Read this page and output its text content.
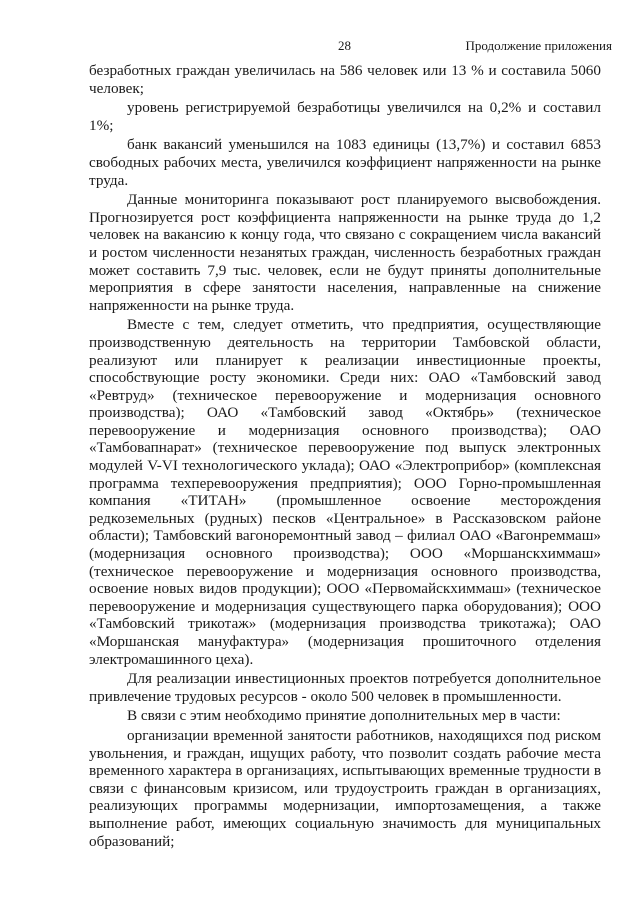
28	Продолжение приложения

безработных граждан увеличилась на 586 человек или 13 % и составила 5060 человек;

уровень регистрируемой безработицы увеличился на 0,2% и составил 1%;

банк вакансий уменьшился на 1083 единицы (13,7%) и составил 6853 свободных рабочих места, увеличился коэффициент напряженности на рынке труда.

Данные мониторинга показывают рост планируемого высвобождения. Прогнозируется рост коэффициента напряженности на рынке труда до 1,2 человек на вакансию к концу года, что связано с сокращением числа вакансий и ростом численности незанятых граждан, численность безработных граждан может составить 7,9 тыс. человек, если не будут приняты дополнительные мероприятия в сфере занятости населения, направленные на снижение напряженности на рынке труда.

Вместе с тем, следует отметить, что предприятия, осуществляющие производственную деятельность на территории Тамбовской области, реализуют или планирует к реализации инвестиционные проекты, способствующие росту экономики. Среди них: ОАО «Тамбовский завод «Ревтруд» (техническое перевооружение и модернизация основного производства); ОАО «Тамбовский завод «Октябрь» (техническое перевооружение и модернизация основного производства); ОАО «Тамбовапнарат» (техническое перевооружение под выпуск электронных модулей V-VI технологического уклада); ОАО «Электроприбор» (комплексная программа техперевооружения предприятия); ООО Горно-промышленная компания «ТИТАН» (промышленное освоение месторождения редкоземельных (рудных) песков «Центральное» в Рассказовском районе области); Тамбовский вагоноремонтный завод – филиал ОАО «Вагонреммаш» (модернизация основного производства); ООО «Моршанскхиммаш» (техническое перевооружение и модернизация основного производства, освоение новых видов продукции); ООО «Первомайскхиммаш» (техническое перевооружение и модернизация существующего парка оборудования); ООО «Тамбовский трикотаж» (модернизация производства трикотажа); ОАО «Моршанская мануфактура» (модернизация прошиточного отделения электромашинного цеха).

Для реализации инвестиционных проектов потребуется дополнительное привлечение трудовых ресурсов - около 500 человек в промышленности.

В связи с этим необходимо принятие дополнительных мер в части:

организации временной занятости работников, находящихся под риском увольнения, и граждан, ищущих работу, что позволит создать рабочие места временного характера в организациях, испытывающих временные трудности в связи с финансовым кризисом, или трудоустроить граждан в организациях, реализующих программы модернизации, импортозамещения, а также выполнение работ, имеющих социальную значимость для муниципальных образований;
